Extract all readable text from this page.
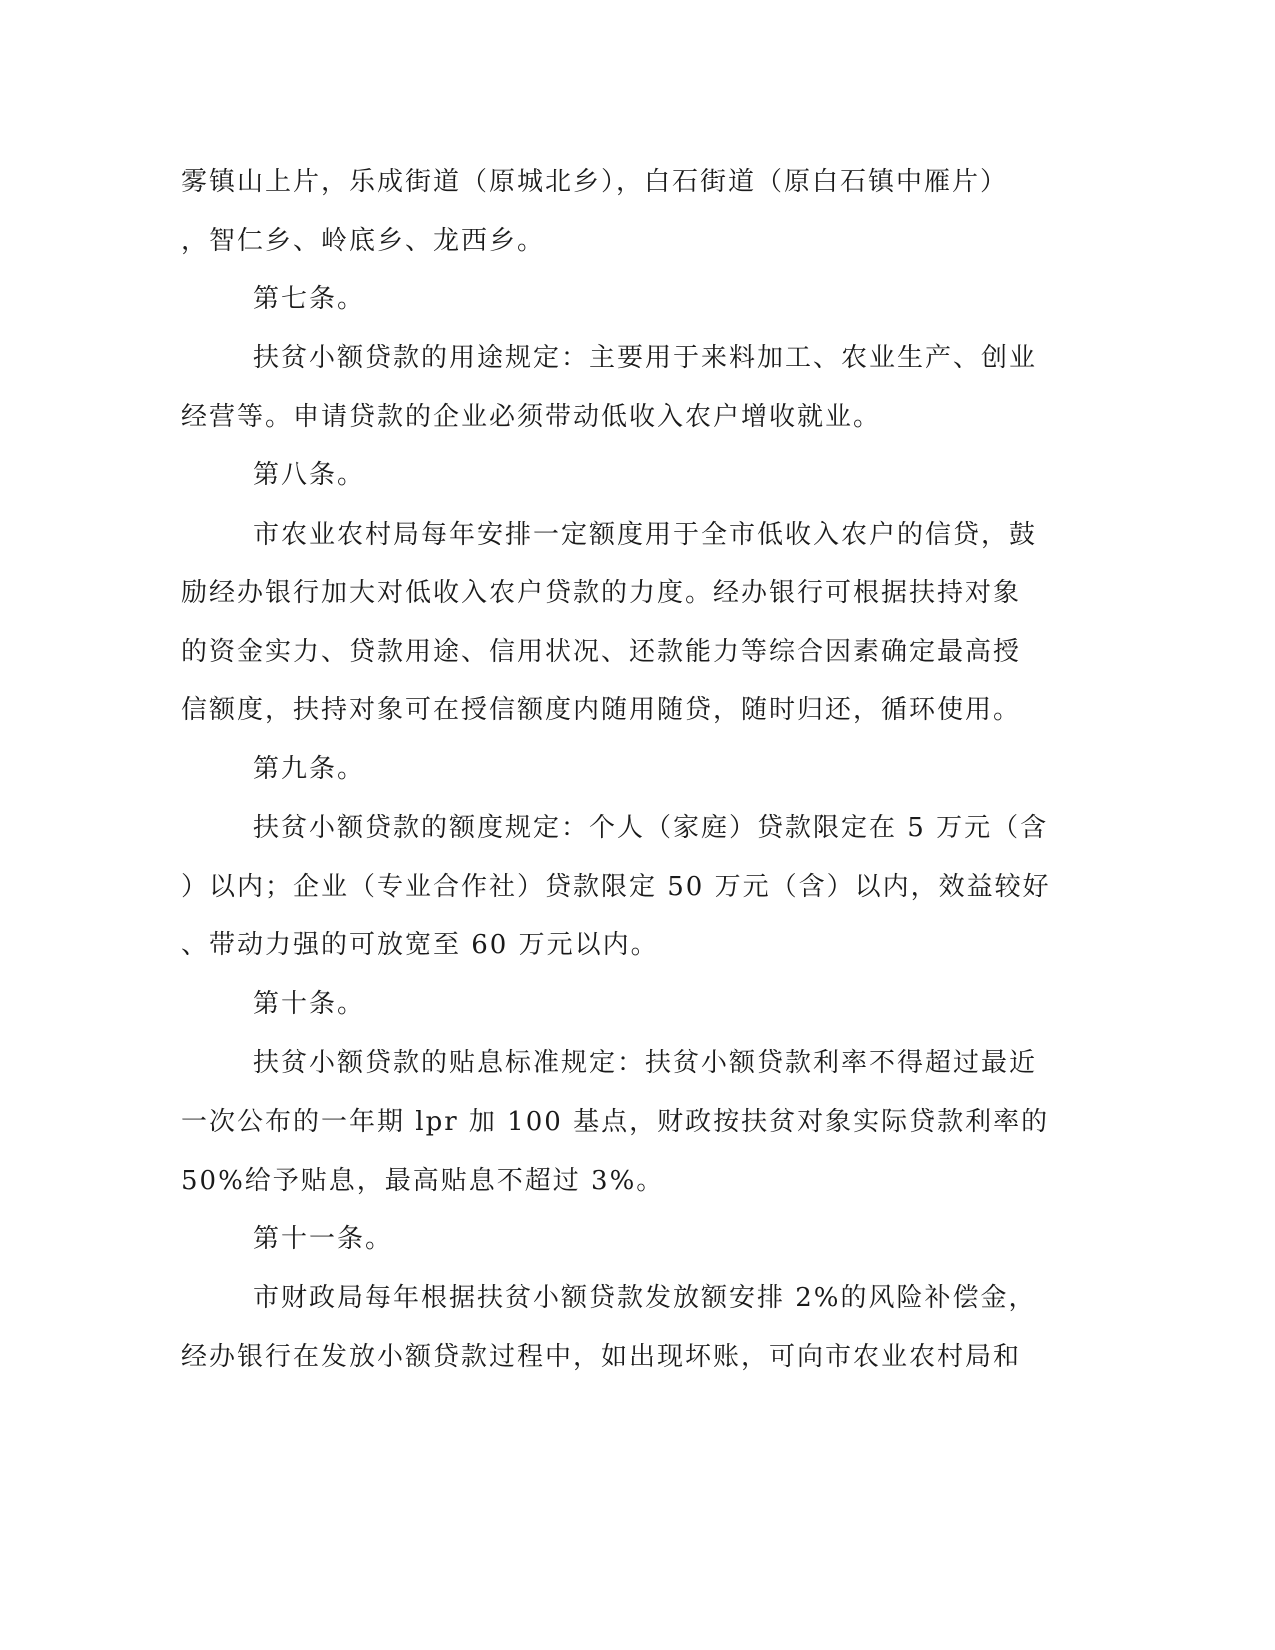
雾镇山上片，乐成街道（原城北乡），白石街道（原白石镇中雁片）
，智仁乡、岭底乡、龙西乡。
第七条。
扶贫小额贷款的用途规定：主要用于来料加工、农业生产、创业
经营等。申请贷款的企业必须带动低收入农户增收就业。
第八条。
市农业农村局每年安排一定额度用于全市低收入农户的信贷，鼓
励经办银行加大对低收入农户贷款的力度。经办银行可根据扶持对象
的资金实力、贷款用途、信用状况、还款能力等综合因素确定最高授
信额度，扶持对象可在授信额度内随用随贷，随时归还，循环使用。
第九条。
扶贫小额贷款的额度规定：个人（家庭）贷款限定在 5 万元（含
）以内；企业（专业合作社）贷款限定 50 万元（含）以内，效益较好
、带动力强的可放宽至 60 万元以内。
第十条。
扶贫小额贷款的贴息标准规定：扶贫小额贷款利率不得超过最近
一次公布的一年期 lpr 加 100 基点，财政按扶贫对象实际贷款利率的
50%给予贴息，最高贴息不超过 3%。
第十一条。
市财政局每年根据扶贫小额贷款发放额安排 2%的风险补偿金，
经办银行在发放小额贷款过程中，如出现坏账，可向市农业农村局和
